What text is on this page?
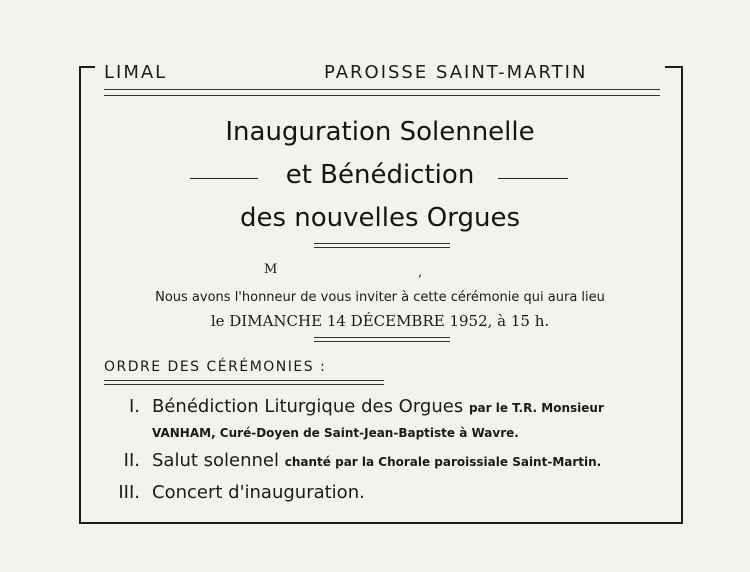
LIMAL	PAROISSE SAINT-MARTIN
Inauguration Solennelle
et Bénédiction
des nouvelles Orgues
M	,
Nous avons l'honneur de vous inviter à cette cérémonie qui aura lieu
le DIMANCHE 14 DÉCEMBRE 1952, à 15 h.
ORDRE DES CÉRÉMONIES :
I. Bénédiction Liturgique des Orgues par le T.R. Monsieur
VANHAM, Curé-Doyen de Saint-Jean-Baptiste à Wavre.
II. Salut solennel chanté par la Chorale paroissiale Saint-Martin.
III. Concert d'inauguration.
